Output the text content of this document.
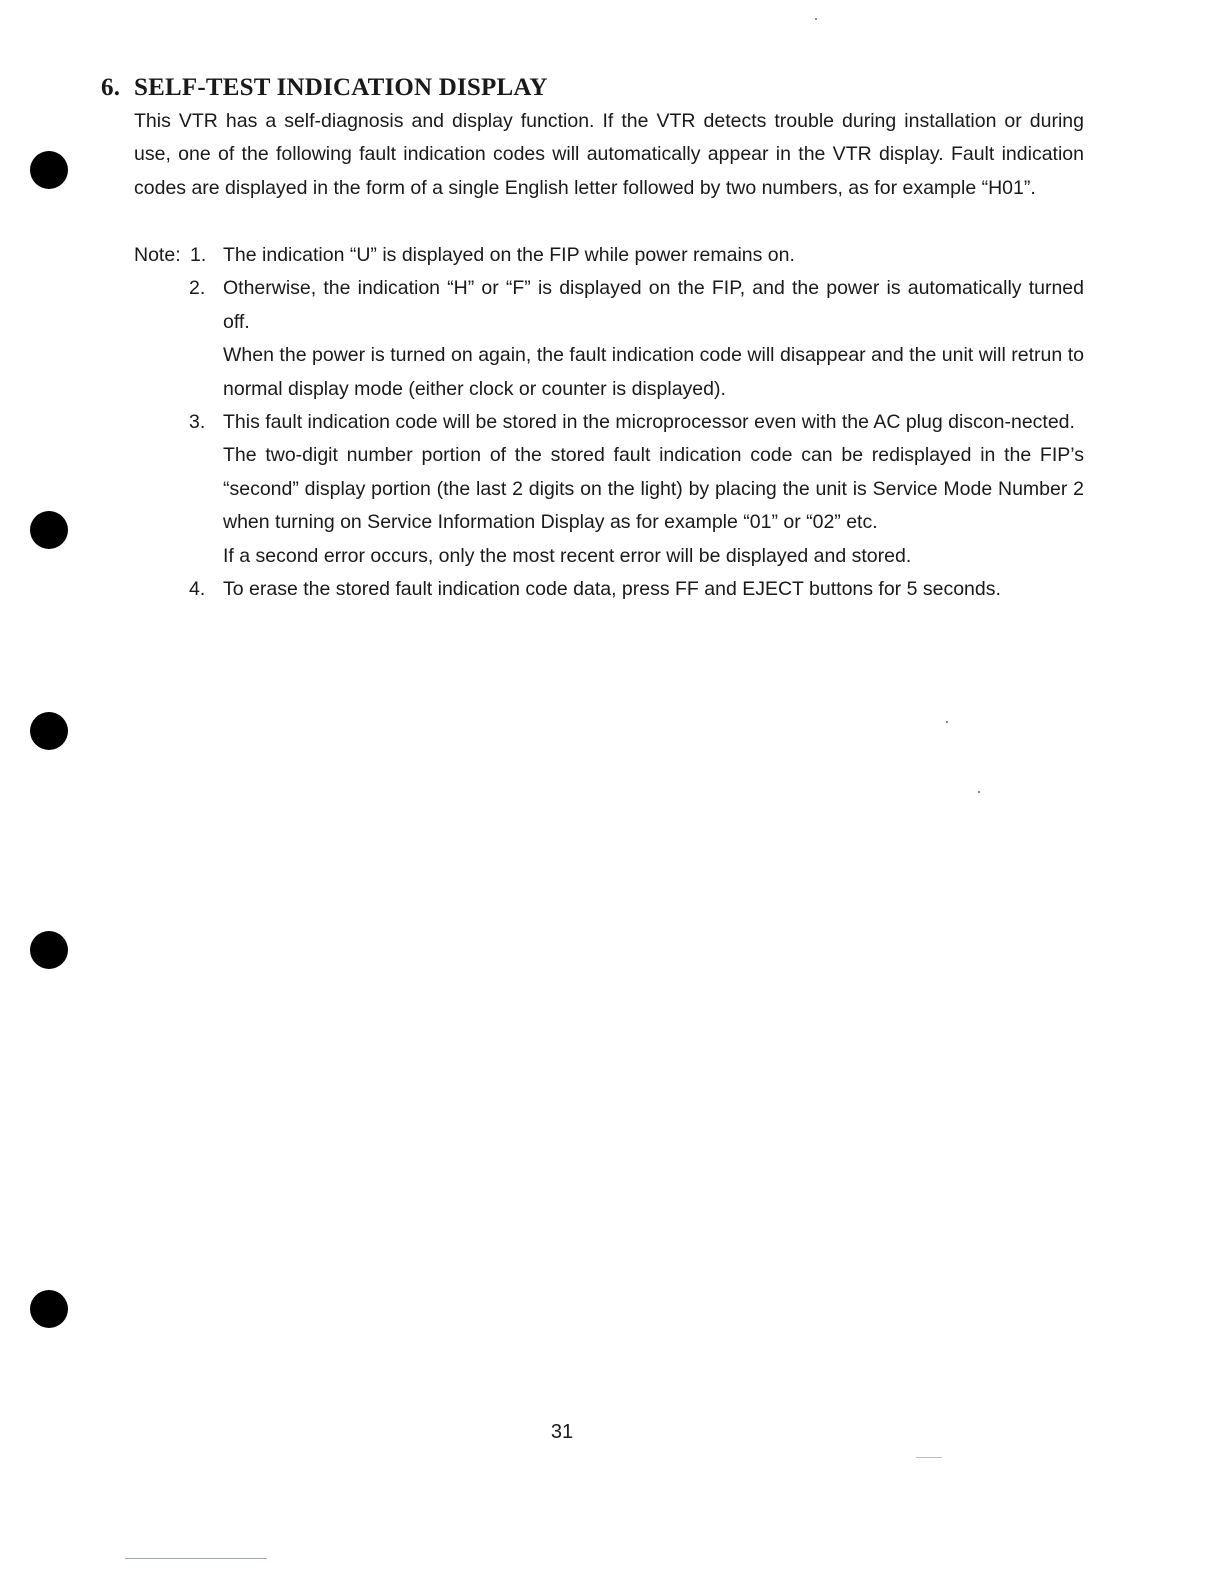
6. SELF-TEST INDICATION DISPLAY

This VTR has a self-diagnosis and display function. If the VTR detects trouble during installation or during use, one of the following fault indication codes will automatically appear in the VTR display. Fault indication codes are displayed in the form of a single English letter followed by two numbers, as for example “H01”.

Note: 1. The indication “U” is displayed on the FIP while power remains on.

2. Otherwise, the indication “H” or “F” is displayed on the FIP, and the power is automatically turned off.

When the power is turned on again, the fault indication code will disappear and the unit will retrun to normal display mode (either clock or counter is displayed).

3. This fault indication code will be stored in the microprocessor even with the AC plug discon-nected.

The two-digit number portion of the stored fault indication code can be redisplayed in the FIP’s “second” display portion (the last 2 digits on the light) by placing the unit is Service Mode Number 2 when turning on Service Information Display as for example “01” or “02” etc.

If a second error occurs, only the most recent error will be displayed and stored.

4. To erase the stored fault indication code data, press FF and EJECT buttons for 5 seconds.

31
